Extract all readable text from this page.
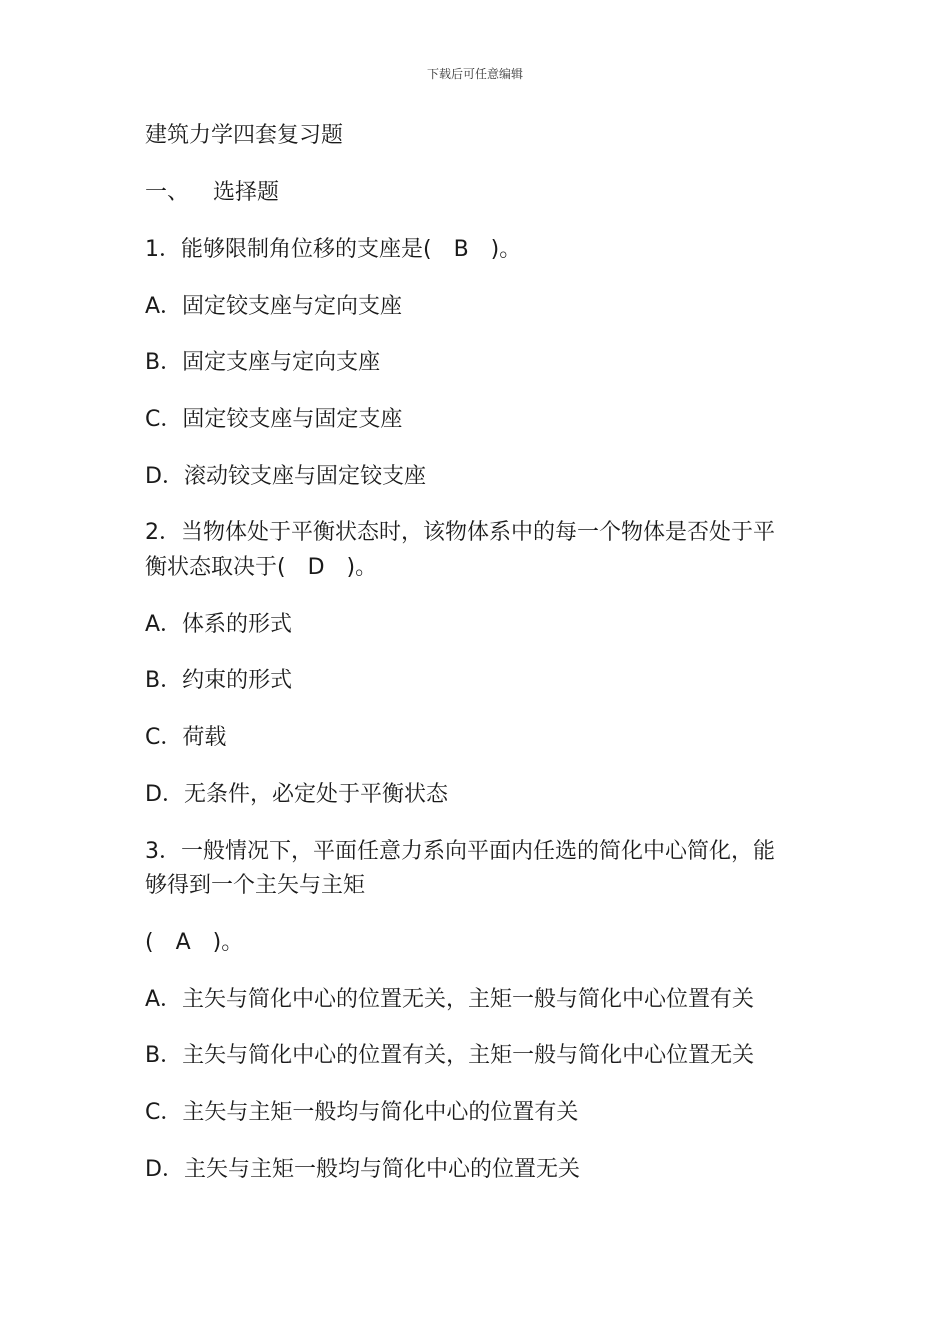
下载后可任意编辑
建筑力学四套复习题
一、 选择题
1．能够限制角位移的支座是(　B　)。
A．固定铰支座与定向支座
B．固定支座与定向支座
C．固定铰支座与固定支座
D．滚动铰支座与固定铰支座
2．当物体处于平衡状态时，该物体系中的每一个物体是否处于平
衡状态取决于(　D　)。
A．体系的形式
B．约束的形式
C．荷载
D．无条件，必定处于平衡状态
3．一般情况下，平面任意力系向平面内任选的简化中心简化，能
够得到一个主矢与主矩
(　A　)。
A．主矢与简化中心的位置无关，主矩一般与简化中心位置有关
B．主矢与简化中心的位置有关，主矩一般与简化中心位置无关
C．主矢与主矩一般均与简化中心的位置有关
D．主矢与主矩一般均与简化中心的位置无关
